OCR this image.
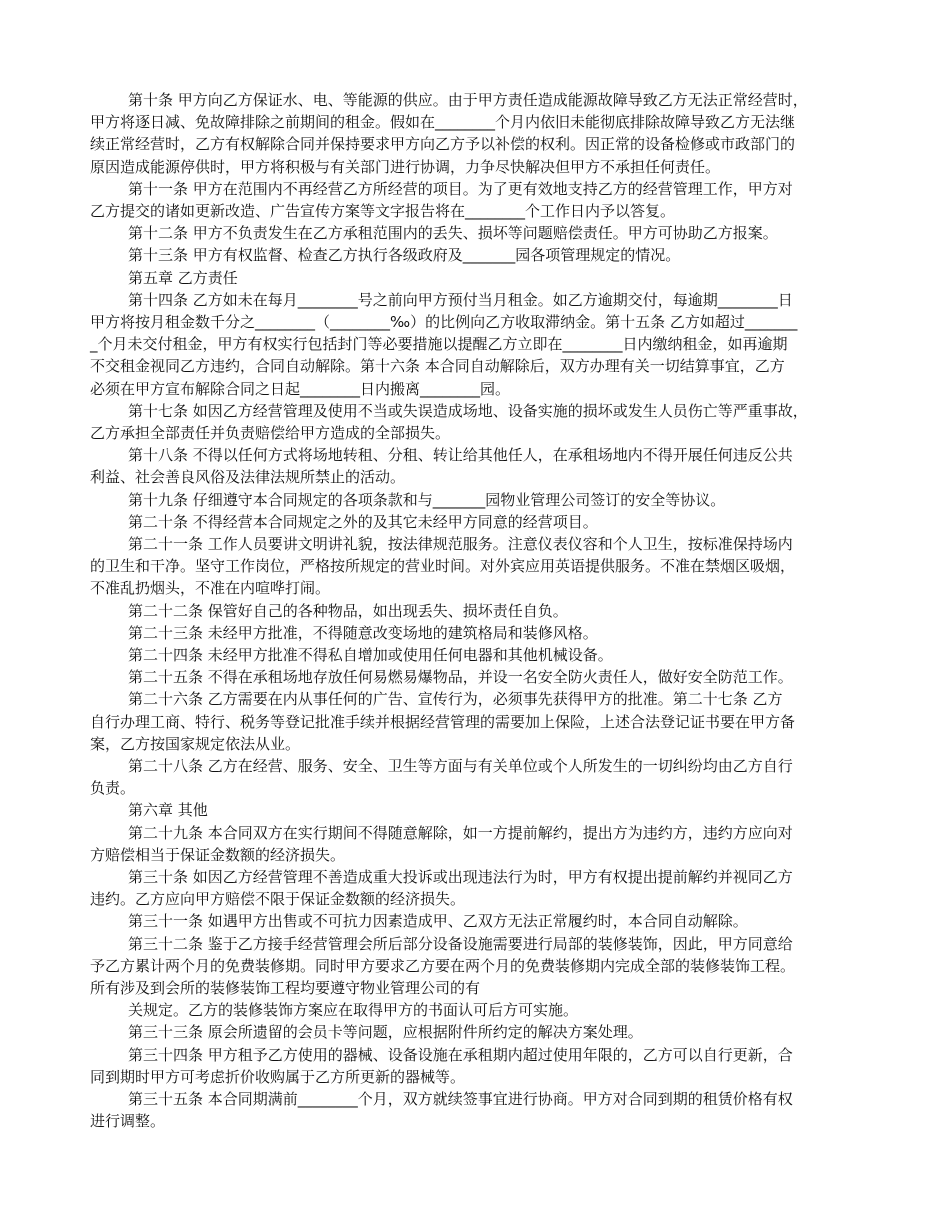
第十条 甲方向乙方保证水、电、等能源的供应。由于甲方责任造成能源故障导致乙方无法正常经营时，
甲方将逐日减、免故障排除之前期间的租金。假如在________个月内依旧未能彻底排除故障导致乙方无法继
续正常经营时，乙方有权解除合同并保持要求甲方向乙方予以补偿的权利。因正常的设备检修或市政部门的
原因造成能源停供时，甲方将积极与有关部门进行协调，力争尽快解决但甲方不承担任何责任。
第十一条 甲方在范围内不再经营乙方所经营的项目。为了更有效地支持乙方的经营管理工作，甲方对
乙方提交的诸如更新改造、广告宣传方案等文字报告将在________个工作日内予以答复。
第十二条 甲方不负责发生在乙方承租范围内的丢失、损坏等问题赔偿责任。甲方可协助乙方报案。
第十三条 甲方有权监督、检查乙方执行各级政府及_______园各项管理规定的情况。
第五章 乙方责任
第十四条 乙方如未在每月________号之前向甲方预付当月租金。如乙方逾期交付，每逾期________日
甲方将按月租金数千分之________（________‰）的比例向乙方收取滞纳金。第十五条 乙方如超过_______
_个月未交付租金，甲方有权实行包括封门等必要措施以提醒乙方立即在________日内缴纳租金，如再逾期
不交租金视同乙方违约，合同自动解除。第十六条 本合同自动解除后，双方办理有关一切结算事宜，乙方
必须在甲方宣布解除合同之日起________日内搬离________园。
第十七条 如因乙方经营管理及使用不当或失误造成场地、设备实施的损坏或发生人员伤亡等严重事故，
乙方承担全部责任并负责赔偿给甲方造成的全部损失。
第十八条 不得以任何方式将场地转租、分租、转让给其他任人，在承租场地内不得开展任何违反公共
利益、社会善良风俗及法律法规所禁止的活动。
第十九条 仔细遵守本合同规定的各项条款和与_______园物业管理公司签订的安全等协议。
第二十条 不得经营本合同规定之外的及其它未经甲方同意的经营项目。
第二十一条 工作人员要讲文明讲礼貌，按法律规范服务。注意仪表仪容和个人卫生，按标准保持场内
的卫生和干净。坚守工作岗位，严格按所规定的营业时间。对外宾应用英语提供服务。不准在禁烟区吸烟，
不准乱扔烟头，不准在内喧哗打闹。
第二十二条 保管好自己的各种物品，如出现丢失、损坏责任自负。
第二十三条 未经甲方批准，不得随意改变场地的建筑格局和装修风格。
第二十四条 未经甲方批准不得私自增加或使用任何电器和其他机械设备。
第二十五条 不得在承租场地存放任何易燃易爆物品，并设一名安全防火责任人，做好安全防范工作。
第二十六条 乙方需要在内从事任何的广告、宣传行为，必须事先获得甲方的批准。第二十七条 乙方
自行办理工商、特行、税务等登记批准手续并根据经营管理的需要加上保险，上述合法登记证书要在甲方备
案，乙方按国家规定依法从业。
第二十八条 乙方在经营、服务、安全、卫生等方面与有关单位或个人所发生的一切纠纷均由乙方自行
负责。
第六章 其他
第二十九条 本合同双方在实行期间不得随意解除，如一方提前解约，提出方为违约方，违约方应向对
方赔偿相当于保证金数额的经济损失。
第三十条 如因乙方经营管理不善造成重大投诉或出现违法行为时，甲方有权提出提前解约并视同乙方
违约。乙方应向甲方赔偿不限于保证金数额的经济损失。
第三十一条 如遇甲方出售或不可抗力因素造成甲、乙双方无法正常履约时，本合同自动解除。
第三十二条 鉴于乙方接手经营管理会所后部分设备设施需要进行局部的装修装饰，因此，甲方同意给
予乙方累计两个月的免费装修期。同时甲方要求乙方要在两个月的免费装修期内完成全部的装修装饰工程。
所有涉及到会所的装修装饰工程均要遵守物业管理公司的有
关规定。乙方的装修装饰方案应在取得甲方的书面认可后方可实施。
第三十三条 原会所遗留的会员卡等问题，应根据附件所约定的解决方案处理。
第三十四条 甲方租予乙方使用的器械、设备设施在承租期内超过使用年限的，乙方可以自行更新，合
同到期时甲方可考虑折价收购属于乙方所更新的器械等。
第三十五条 本合同期满前________个月，双方就续签事宜进行协商。甲方对合同到期的租赁价格有权
进行调整。
